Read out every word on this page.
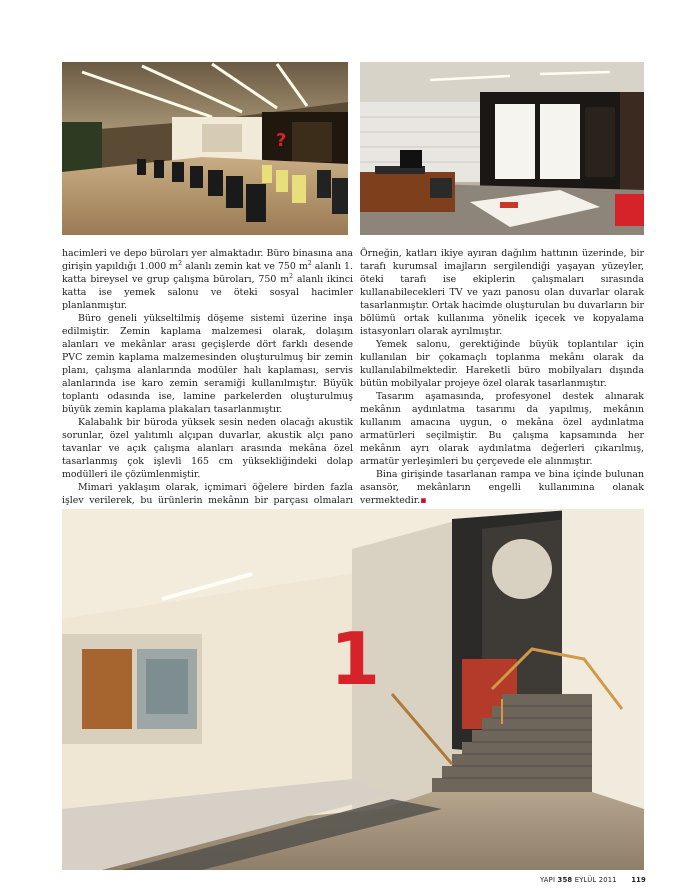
?

hacimleri ve depo büroları yer almaktadır. Büro binasına ana girişin yapıldığı 1.000 $m^2$ alanlı zemin kat ve 750 $m^2$ alanlı 1. katta bireysel ve grup çalışma büroları, 750 $m^2$ alanlı ikinci katta ise yemek salonu ve öteki sosyal hacimler planlanmıştır.

Büro geneli yükseltilmiş döşeme sistemi üzerine inşa edilmiştir. Zemin kaplama malzemesi olarak, dolaşım alanları ve mekânlar arası geçişlerde dört farklı desende PVC zemin kaplama malzemesinden oluşturulmuş bir zemin planı, çalışma alanlarında modüler halı kaplaması, servis alanlarında ise karo zemin seramiği kullanılmıştır. Büyük toplantı odasında ise, lamine parkelerden oluşturulmuş büyük zemin kaplama plakaları tasarlanmıştır.

Kalabalık bir büroda yüksek sesin neden olacağı akustik sorunlar, özel yalıtımlı alçıpan duvarlar, akustik alçı pano tavanlar ve açık çalışma alanları arasında mekâna özel tasarlanmış çok işlevli 165 cm yüksekliğindeki dolap modülleri ile çözümlenmiştir.

Mimari yaklaşım olarak, içmimari öğelere birden fazla işlev verilerek, bu ürünlerin mekânın bir parçası olmaları

Örneğin, katları ikiye ayıran dağılım hattının üzerinde, bir tarafı kurumsal imajların sergilendiği yaşayan yüzeyler, öteki tarafı ise ekiplerin çalışmaları sırasında kullanabilecekleri TV ve yazı panosu olan duvarlar olarak tasarlanmıştır. Ortak hacimde oluşturulan bu duvarların bir bölümü ortak kullanıma yönelik içecek ve kopyalama istasyonları olarak ayrılmıştır.

Yemek salonu, gerektiğinde büyük toplantılar için kullanılan bir çokamaçlı toplanma mekânı olarak da kullanılabilmektedir. Hareketli büro mobilyaları dışında bütün mobilyalar projeye özel olarak tasarlanmıştır.

Tasarım aşamasında, profesyonel destek alınarak mekânın aydınlatma tasarımı da yapılmış, mekânın kullanım amacına uygun, o mekâna özel aydınlatma armatürleri seçilmiştir. Bu çalışma kapsamında her mekânın ayrı olarak aydınlatma değerleri çıkarılmış, armatür yerleşimleri bu çerçevede ele alınmıştır.

Bina girişinde tasarlanan rampa ve bina içinde bulunan asansör, mekânların engelli kullanımına olanak vermektedir.▪

1
YAPI 358 EYLÜL 2011 119
